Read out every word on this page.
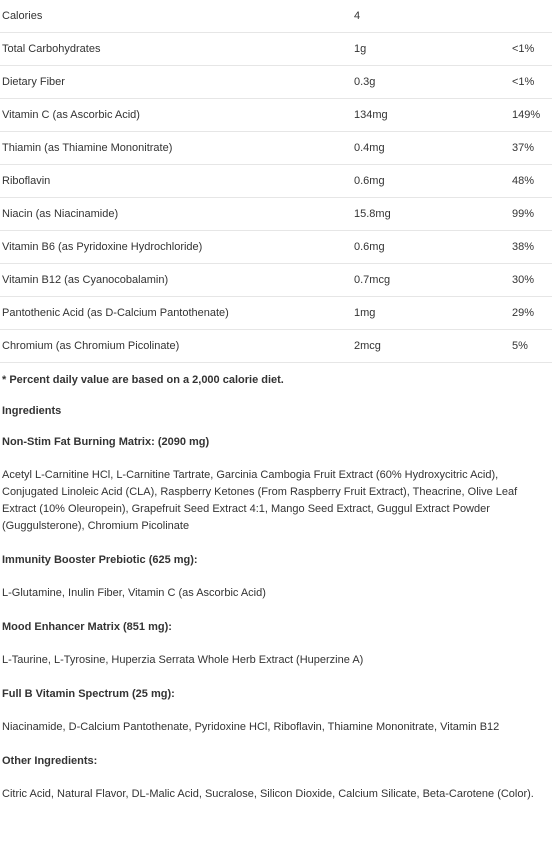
Calories	4	
Total Carbohydrates	1g	<1%
Dietary Fiber	0.3g	<1%
Vitamin C (as Ascorbic Acid)	134mg	149%
Thiamin (as Thiamine Mononitrate)	0.4mg	37%
Riboflavin	0.6mg	48%
Niacin (as Niacinamide)	15.8mg	99%
Vitamin B6 (as Pyridoxine Hydrochloride)	0.6mg	38%
Vitamin B12 (as Cyanocobalamin)	0.7mcg	30%
Pantothenic Acid (as D-Calcium Pantothenate)	1mg	29%
Chromium (as Chromium Picolinate)	2mcg	5%
* Percent daily value are based on a 2,000 calorie diet.
Ingredients
Non-Stim Fat Burning Matrix: (2090 mg)
Acetyl L-Carnitine HCl, L-Carnitine Tartrate, Garcinia Cambogia Fruit Extract (60% Hydroxycitric Acid), Conjugated Linoleic Acid (CLA), Raspberry Ketones (From Raspberry Fruit Extract), Theacrine, Olive Leaf Extract (10% Oleuropein), Grapefruit Seed Extract 4:1, Mango Seed Extract, Guggul Extract Powder (Guggulsterone), Chromium Picolinate
Immunity Booster Prebiotic (625 mg):
L-Glutamine, Inulin Fiber, Vitamin C (as Ascorbic Acid)
Mood Enhancer Matrix (851 mg):
L-Taurine, L-Tyrosine, Huperzia Serrata Whole Herb Extract (Huperzine A)
Full B Vitamin Spectrum (25 mg):
Niacinamide, D-Calcium Pantothenate, Pyridoxine HCl, Riboflavin, Thiamine Mononitrate, Vitamin B12
Other Ingredients:
Citric Acid, Natural Flavor, DL-Malic Acid, Sucralose, Silicon Dioxide, Calcium Silicate, Beta-Carotene (Color).
